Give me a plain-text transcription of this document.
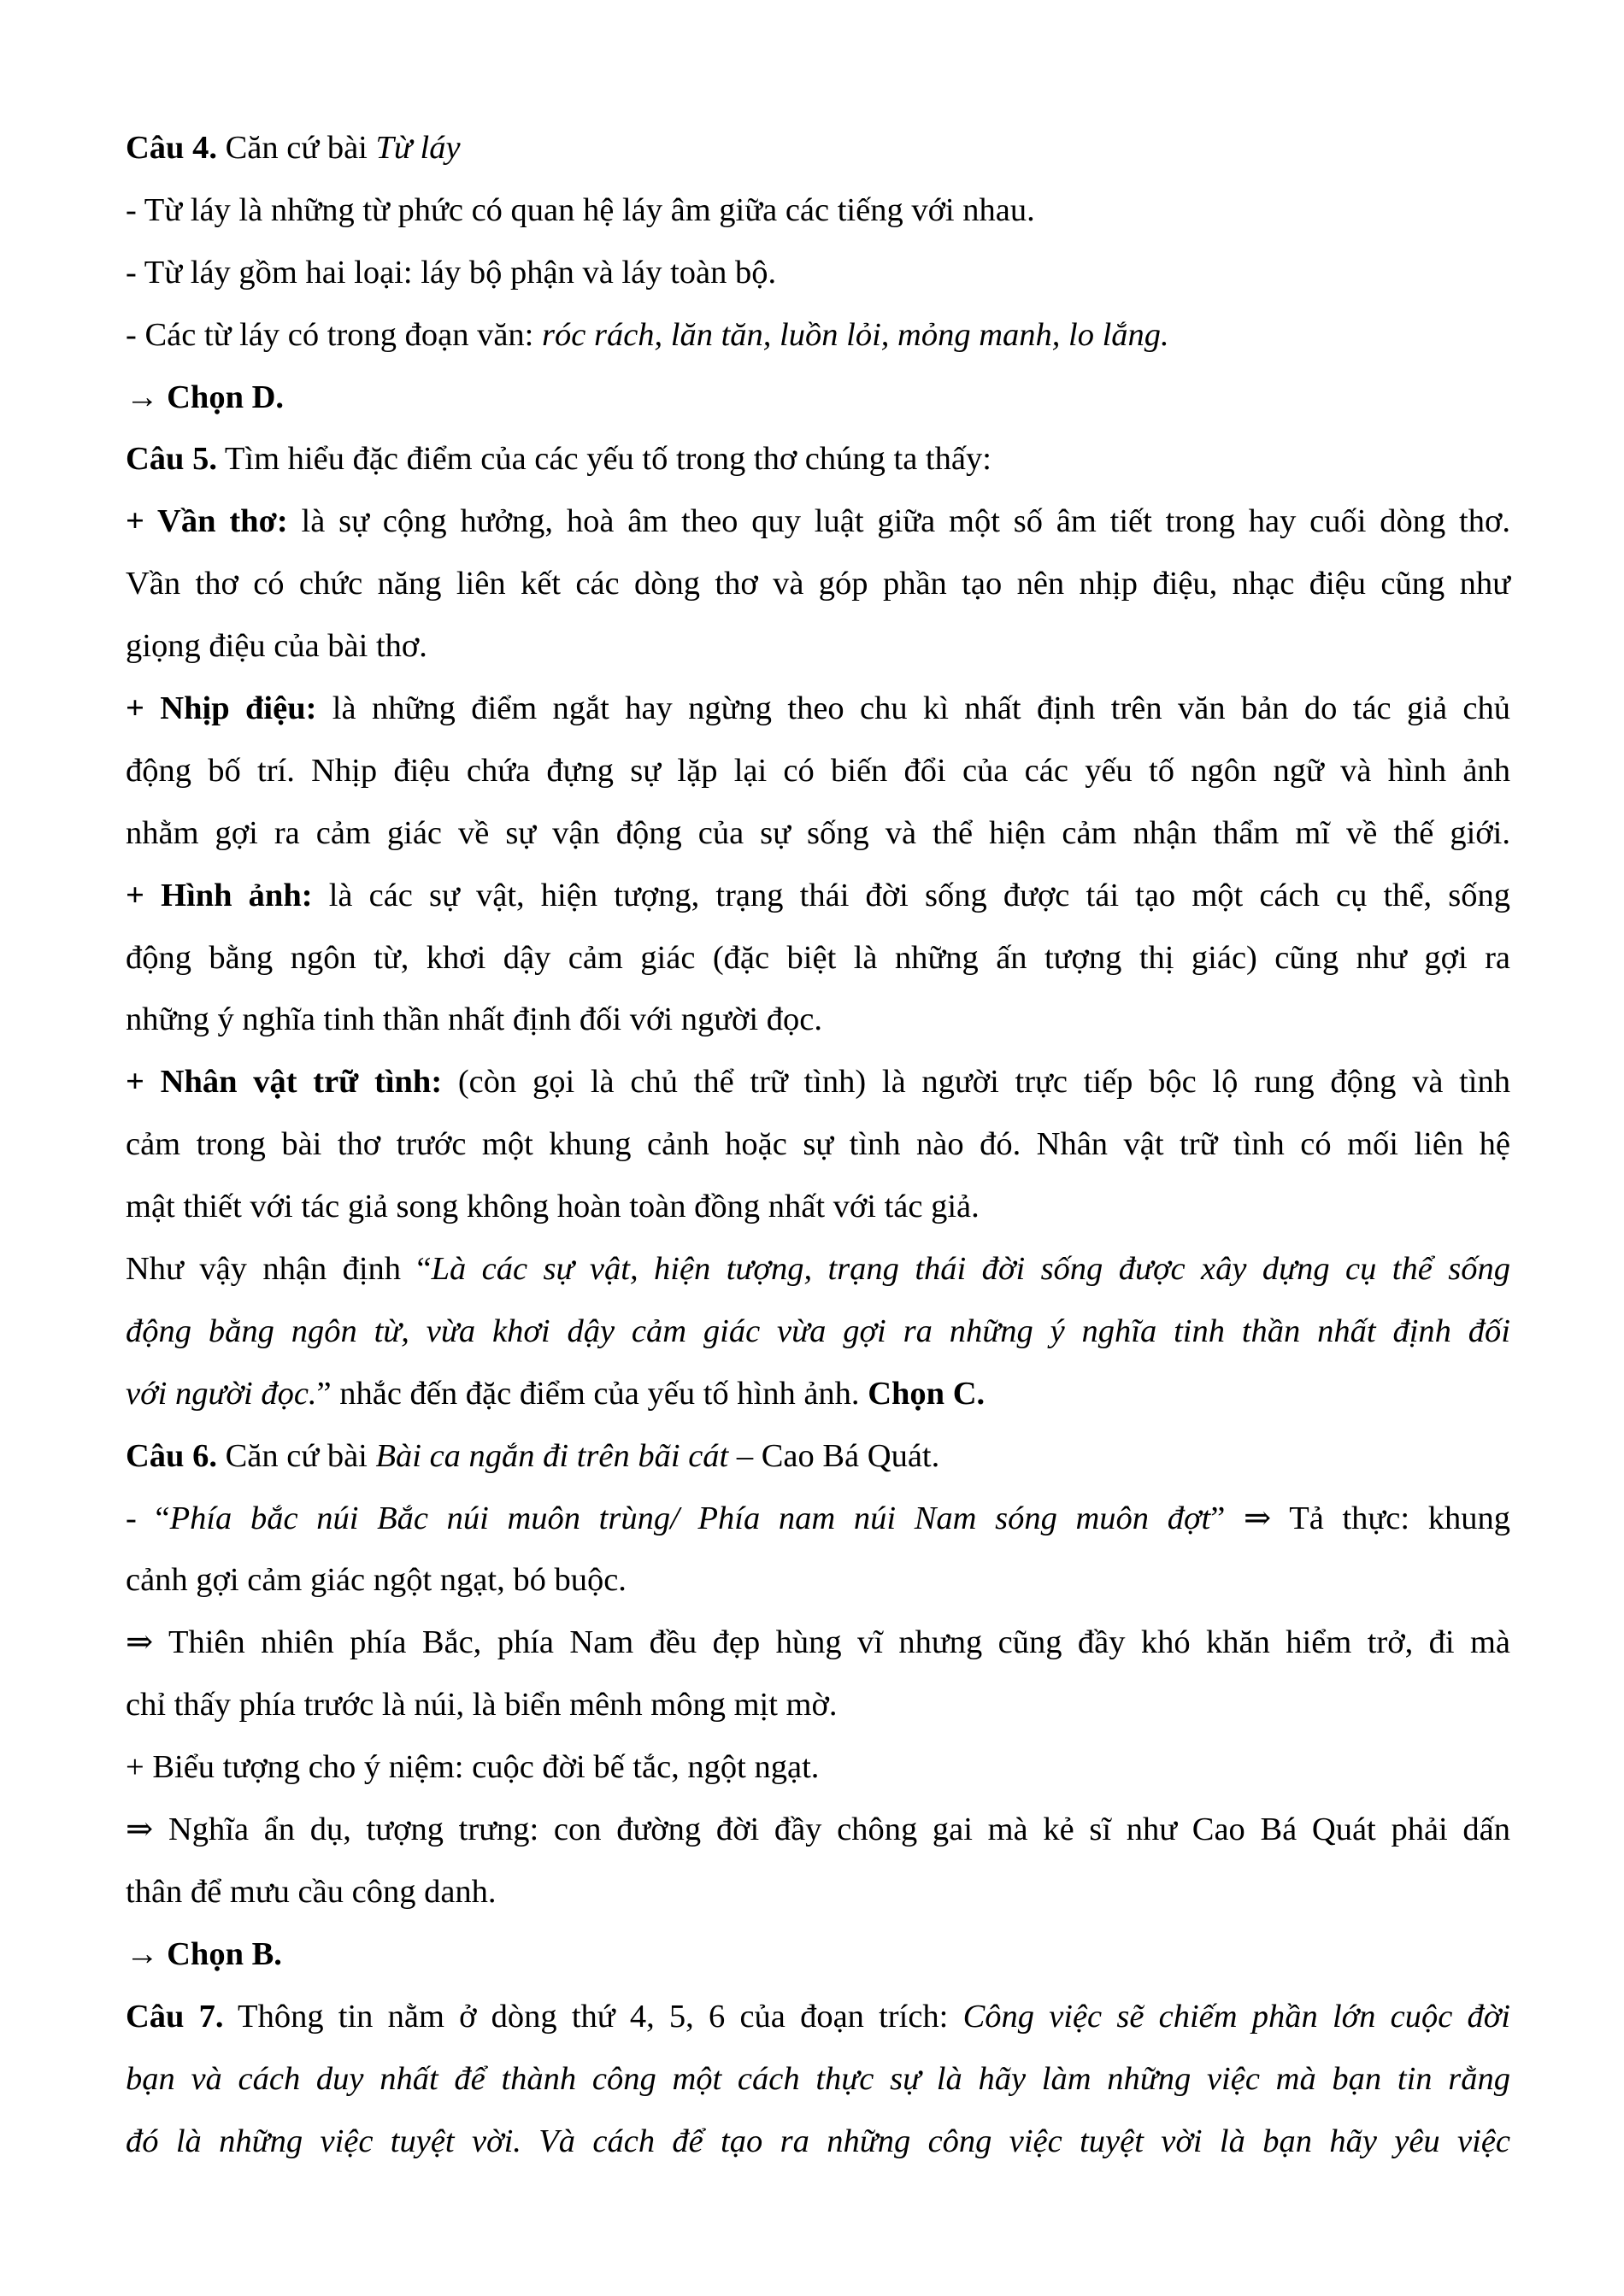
Câu 4. Căn cứ bài Từ láy
- Từ láy là những từ phức có quan hệ láy âm giữa các tiếng với nhau.
- Từ láy gồm hai loại: láy bộ phận và láy toàn bộ.
- Các từ láy có trong đoạn văn: róc rách, lăn tăn, luồn lỏi, mỏng manh, lo lắng.
→ Chọn D.
Câu 5. Tìm hiểu đặc điểm của các yếu tố trong thơ chúng ta thấy:
+ Vần thơ: là sự cộng hưởng, hoà âm theo quy luật giữa một số âm tiết trong hay cuối dòng thơ.
Vần thơ có chức năng liên kết các dòng thơ và góp phần tạo nên nhịp điệu, nhạc điệu cũng như
giọng điệu của bài thơ.
+ Nhịp điệu: là những điểm ngắt hay ngừng theo chu kì nhất định trên văn bản do tác giả chủ
động bố trí. Nhịp điệu chứa đựng sự lặp lại có biến đổi của các yếu tố ngôn ngữ và hình ảnh
nhằm gợi ra cảm giác về sự vận động của sự sống và thể hiện cảm nhận thẩm mĩ về thế giới.
+ Hình ảnh: là các sự vật, hiện tượng, trạng thái đời sống được tái tạo một cách cụ thể, sống
động bằng ngôn từ, khơi dậy cảm giác (đặc biệt là những ấn tượng thị giác) cũng như gợi ra
những ý nghĩa tinh thần nhất định đối với người đọc.
+ Nhân vật trữ tình: (còn gọi là chủ thể trữ tình) là người trực tiếp bộc lộ rung động và tình
cảm trong bài thơ trước một khung cảnh hoặc sự tình nào đó. Nhân vật trữ tình có mối liên hệ
mật thiết với tác giả song không hoàn toàn đồng nhất với tác giả.
Như vậy nhận định “Là các sự vật, hiện tượng, trạng thái đời sống được xây dựng cụ thể sống
động bằng ngôn từ, vừa khơi dậy cảm giác vừa gợi ra những ý nghĩa tinh thần nhất định đối
với người đọc.” nhắc đến đặc điểm của yếu tố hình ảnh. Chọn C.
Câu 6. Căn cứ bài Bài ca ngắn đi trên bãi cát – Cao Bá Quát.
- “Phía bắc núi Bắc núi muôn trùng/ Phía nam núi Nam sóng muôn đợt” ⇒ Tả thực: khung
cảnh gợi cảm giác ngột ngạt, bó buộc.
⇒ Thiên nhiên phía Bắc, phía Nam đều đẹp hùng vĩ nhưng cũng đầy khó khăn hiểm trở, đi mà
chỉ thấy phía trước là núi, là biển mênh mông mịt mờ.
+ Biểu tượng cho ý niệm: cuộc đời bế tắc, ngột ngạt.
⇒ Nghĩa ẩn dụ, tượng trưng: con đường đời đầy chông gai mà kẻ sĩ như Cao Bá Quát phải dấn
thân để mưu cầu công danh.
→ Chọn B.
Câu 7. Thông tin nằm ở dòng thứ 4, 5, 6 của đoạn trích: Công việc sẽ chiếm phần lớn cuộc đời
bạn và cách duy nhất để thành công một cách thực sự là hãy làm những việc mà bạn tin rằng
đó là những việc tuyệt vời. Và cách để tạo ra những công việc tuyệt vời là bạn hãy yêu việc
